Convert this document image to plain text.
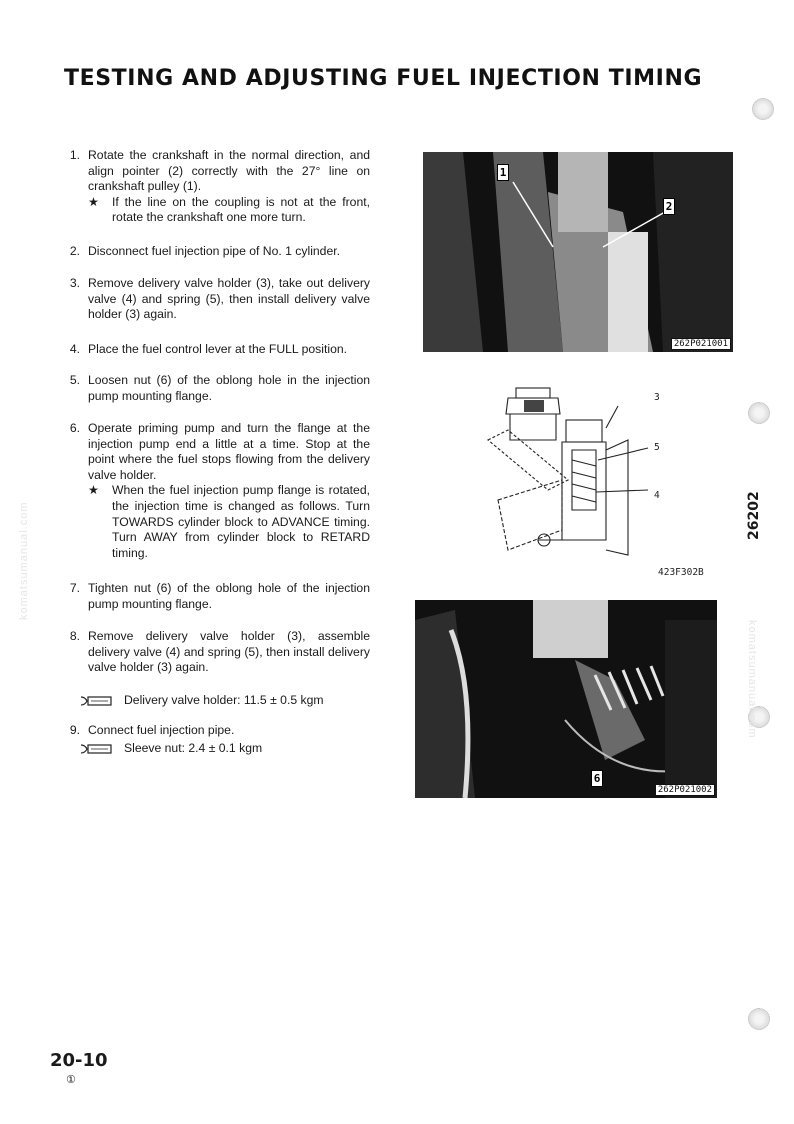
TESTING AND ADJUSTING FUEL INJECTION TIMING
1. Rotate the crankshaft in the normal direction, and align pointer (2) correctly with the 27° line on crankshaft pulley (1).
★ If the line on the coupling is not at the front, rotate the crankshaft one more turn.
2. Disconnect fuel injection pipe of No. 1 cylinder.
3. Remove delivery valve holder (3), take out delivery valve (4) and spring (5), then install delivery valve holder (3) again.
4. Place the fuel control lever at the FULL position.
5. Loosen nut (6) of the oblong hole in the injection pump mounting flange.
6. Operate priming pump and turn the flange at the injection pump end a little at a time. Stop at the point where the fuel stops flowing from the delivery valve holder.
★ When the fuel injection pump flange is rotated, the injection time is changed as follows. Turn TOWARDS cylinder block to ADVANCE timing. Turn AWAY from cylinder block to RETARD timing.
7. Tighten nut (6) of the oblong hole of the injection pump mounting flange.
8. Remove delivery valve holder (3), assemble delivery valve (4) and spring (5), then install delivery valve holder (3) again.
Delivery valve holder: 11.5 ± 0.5 kgm
9. Connect fuel injection pipe.
Sleeve nut: 2.4 ± 0.1 kgm
1
2
262P021001
3
5
4
423F302B
6
262P021002
komatsumanual.com
komatsumanual.com
26202
20-10
①
